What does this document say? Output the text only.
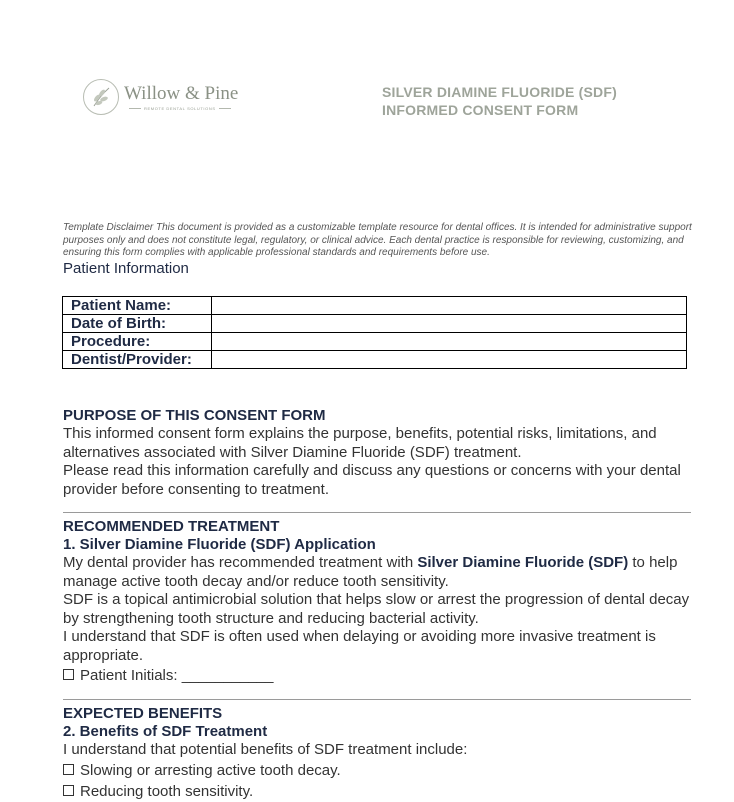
Willow & Pine
REMOTE DENTAL SOLUTIONS
SILVER DIAMINE FLUORIDE (SDF)
INFORMED CONSENT FORM
Template Disclaimer This document is provided as a customizable template resource for dental offices. It is intended for administrative support purposes only and does not constitute legal, regulatory, or clinical advice. Each dental practice is responsible for reviewing, customizing, and ensuring this form complies with applicable professional standards and requirements before use.
Patient Information
Patient Name:	
Date of Birth:	
Procedure:	
Dentist/Provider:	
PURPOSE OF THIS CONSENT FORM

This informed consent form explains the purpose, benefits, potential risks, limitations, and alternatives associated with Silver Diamine Fluoride (SDF) treatment.

Please read this information carefully and discuss any questions or concerns with your dental provider before consenting to treatment.

RECOMMENDED TREATMENT
1. Silver Diamine Fluoride (SDF) Application

My dental provider has recommended treatment with Silver Diamine Fluoride (SDF) to help manage active tooth decay and/or reduce tooth sensitivity.

SDF is a topical antimicrobial solution that helps slow or arrest the progression of dental decay by strengthening tooth structure and reducing bacterial activity.

I understand that SDF is often used when delaying or avoiding more invasive treatment is appropriate.

Patient Initials: ___________
EXPECTED BENEFITS
2. Benefits of SDF Treatment

I understand that potential benefits of SDF treatment include:

Slowing or arresting active tooth decay.
Reducing tooth sensitivity.
